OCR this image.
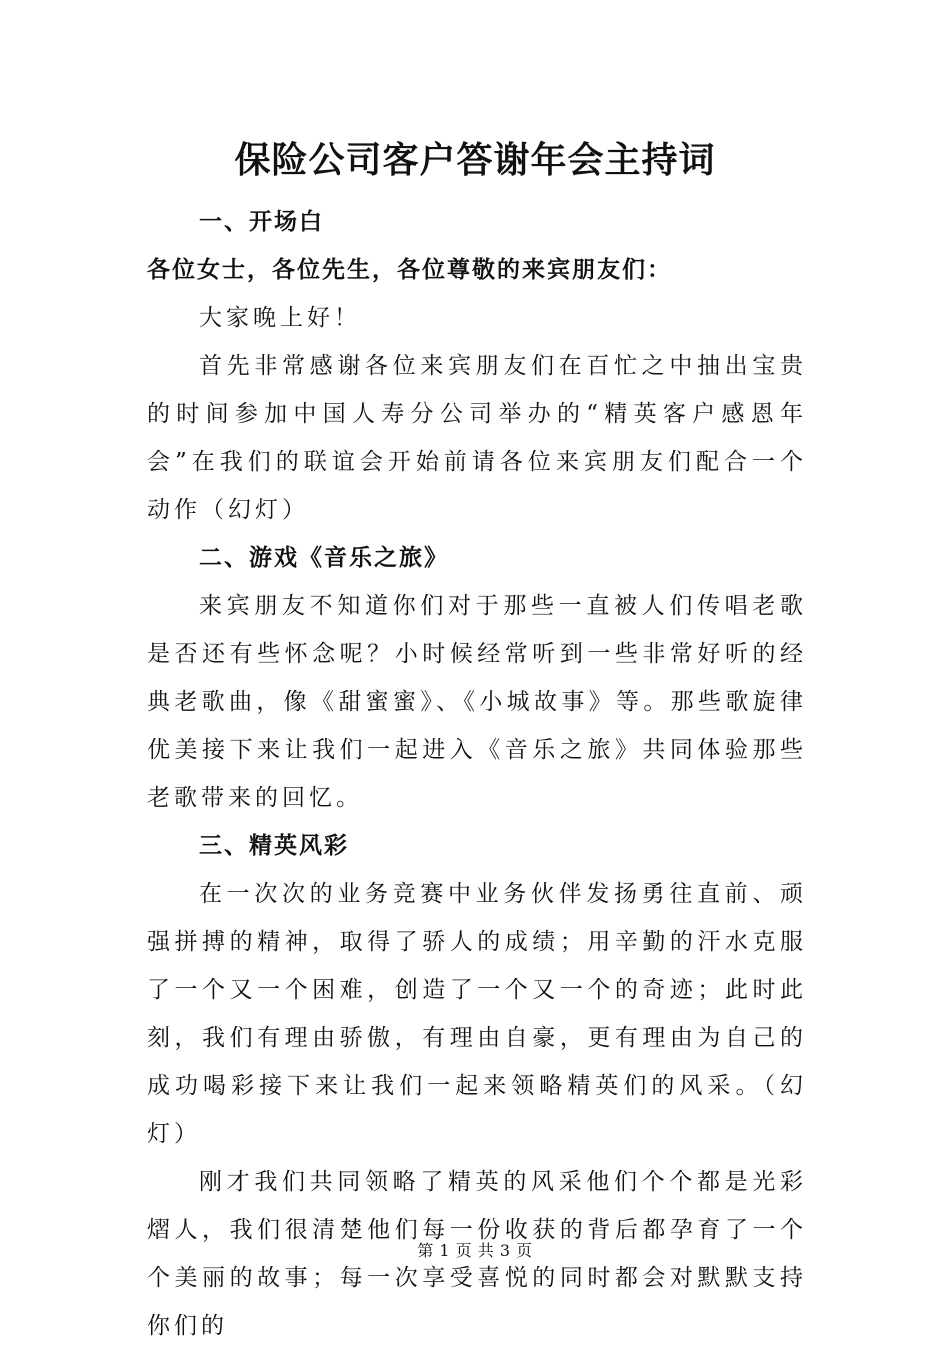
保险公司客户答谢年会主持词

一、开场白

各位女士，各位先生，各位尊敬的来宾朋友们：

大家晚上好！

首先非常感谢各位来宾朋友们在百忙之中抽出宝贵的时间参加中国人寿分公司举办的“精英客户感恩年会”在我们的联谊会开始前请各位来宾朋友们配合一个动作（幻灯）

二、游戏《音乐之旅》

来宾朋友不知道你们对于那些一直被人们传唱老歌是否还有些怀念呢？小时候经常听到一些非常好听的经典老歌曲，像《甜蜜蜜》、《小城故事》等。那些歌旋律优美接下来让我们一起进入《音乐之旅》共同体验那些老歌带来的回忆。

三、精英风彩

在一次次的业务竞赛中业务伙伴发扬勇往直前、顽强拼搏的精神，取得了骄人的成绩；用辛勤的汗水克服了一个又一个困难，创造了一个又一个的奇迹；此时此刻，我们有理由骄傲，有理由自豪，更有理由为自己的成功喝彩接下来让我们一起来领略精英们的风采。（幻灯）

刚才我们共同领略了精英的风采他们个个都是光彩熠人，我们很清楚他们每一份收获的背后都孕育了一个个美丽的故事；每一次享受喜悦的同时都会对默默支持你们的

第 1 页 共 3 页
